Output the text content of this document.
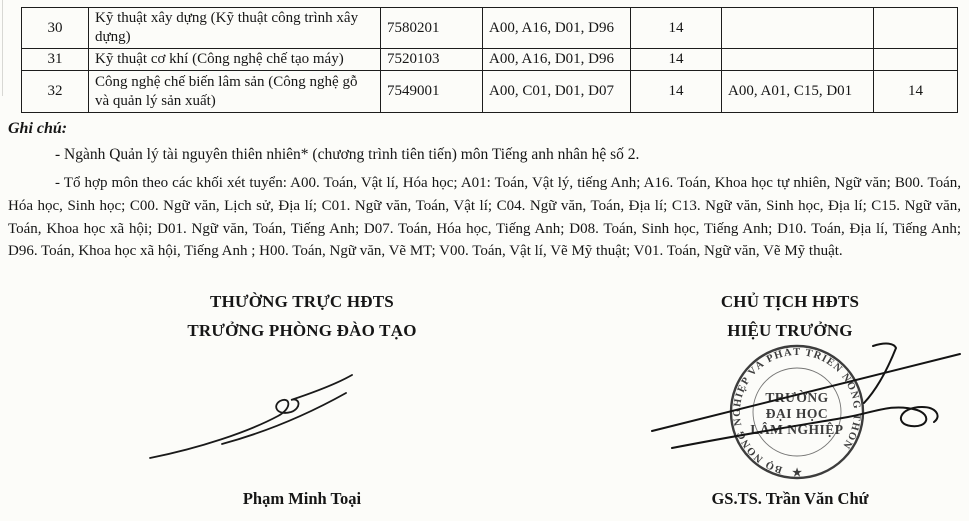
30	Kỹ thuật xây dựng (Kỹ thuật công trình xây dựng)	7580201	A00, A16, D01, D96	14		
31	Kỹ thuật cơ khí (Công nghệ chế tạo máy)	7520103	A00, A16, D01, D96	14		
32	Công nghệ chế biến lâm sản (Công nghệ gỗ và quản lý sản xuất)	7549001	A00, C01, D01, D07	14	A00, A01, C15, D01	14
Ghi chú:
- Ngành Quản lý tài nguyên thiên nhiên* (chương trình tiên tiến) môn Tiếng anh nhân hệ số 2.
- Tổ hợp môn theo các khối xét tuyển: A00. Toán, Vật lí, Hóa học; A01: Toán, Vật lý, tiếng Anh; A16. Toán, Khoa học tự nhiên, Ngữ văn; B00. Toán, Hóa học, Sinh học; C00. Ngữ văn, Lịch sử, Địa lí; C01. Ngữ văn, Toán, Vật lí; C04. Ngữ văn, Toán, Địa lí; C13. Ngữ văn, Sinh học, Địa lí; C15. Ngữ văn, Toán, Khoa học xã hội; D01. Ngữ văn, Toán, Tiếng Anh; D07. Toán, Hóa học, Tiếng Anh; D08. Toán, Sinh học, Tiếng Anh; D10. Toán, Địa lí, Tiếng Anh; D96. Toán, Khoa học xã hội, Tiếng Anh ; H00. Toán, Ngữ văn, Vẽ MT; V00. Toán, Vật lí, Vẽ Mỹ thuật; V01. Toán, Ngữ văn, Vẽ Mỹ thuật.
THƯỜNG TRỰC HĐTS
TRƯỞNG PHÒNG ĐÀO TẠO
CHỦ TỊCH HĐTS
HIỆU TRƯỞNG
BỘ NÔNG NGHIỆP VÀ PHÁT TRIỂN NÔNG THÔN
★
TRƯỜNG
ĐẠI HỌC
LÂM NGHIỆP
Phạm Minh Toại	GS.TS. Trần Văn Chứ
